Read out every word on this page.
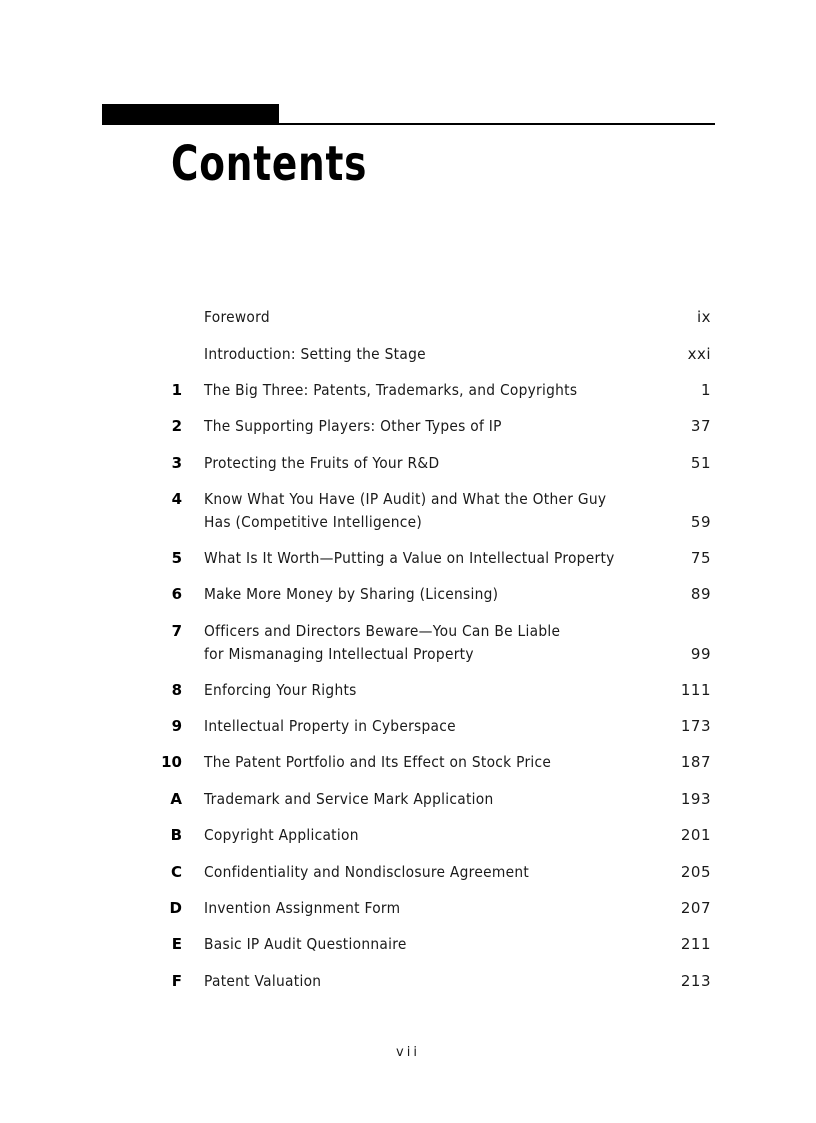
Contents
Foreword	ix
Introduction: Setting the Stage	xxi
1 The Big Three: Patents, Trademarks, and Copyrights	1
2 The Supporting Players: Other Types of IP	37
3 Protecting the Fruits of Your R&D	51
4 Know What You Have (IP Audit) and What the Other Guy
Has (Competitive Intelligence)	59
5 What Is It Worth—Putting a Value on Intellectual Property	75
6 Make More Money by Sharing (Licensing)	89
7 Officers and Directors Beware—You Can Be Liable
for Mismanaging Intellectual Property	99
8 Enforcing Your Rights	111
9 Intellectual Property in Cyberspace	173
10 The Patent Portfolio and Its Effect on Stock Price	187
A Trademark and Service Mark Application	193
B Copyright Application	201
C Confidentiality and Nondisclosure Agreement	205
D Invention Assignment Form	207
E Basic IP Audit Questionnaire	211
F Patent Valuation	213
vii
